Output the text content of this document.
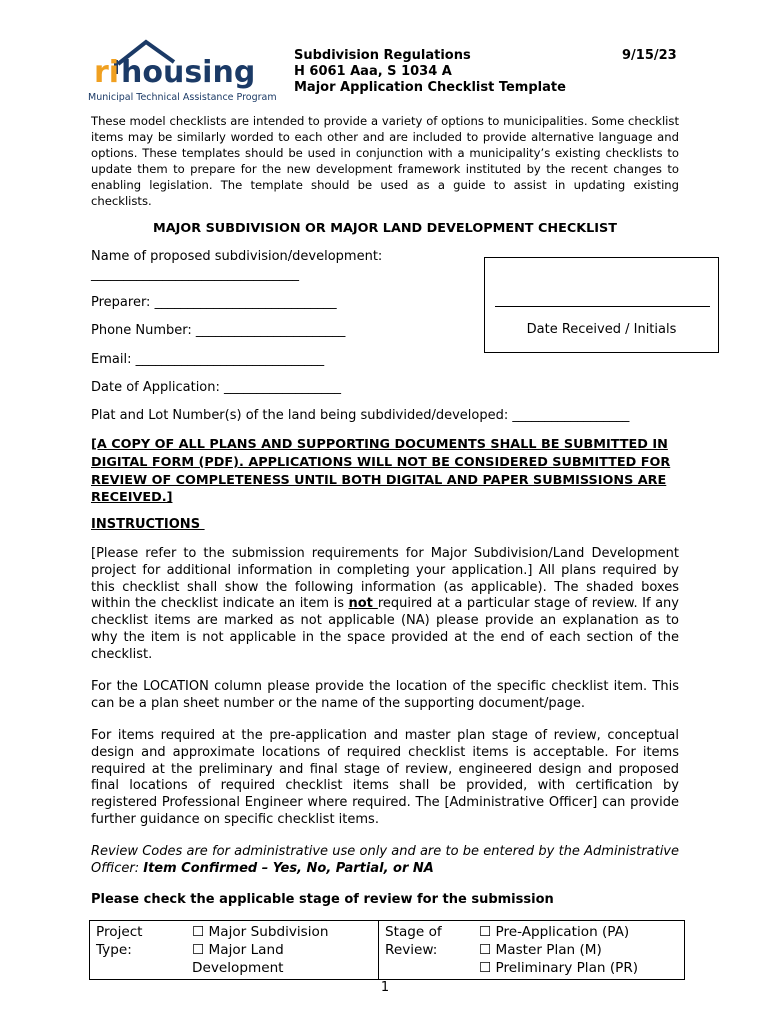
ri housing
Municipal Technical Assistance Program
Subdivision Regulations
H 6061 Aaa, S 1034 A
Major Application Checklist Template
9/15/23
These model checklists are intended to provide a variety of options to municipalities. Some checklist items may be similarly worded to each other and are included to provide alternative language and options. These templates should be used in conjunction with a municipality’s existing checklists to update them to prepare for the new development framework instituted by the recent changes to enabling legislation. The template should be used as a guide to assist in updating existing checklists.
MAJOR SUBDIVISION OR MAJOR LAND DEVELOPMENT CHECKLIST
Name of proposed subdivision/development:
________________________________
Preparer: ____________________________
Phone Number: _______________________
Email: _____________________________
Date of Application: __________________
Plat and Lot Number(s) of the land being subdivided/developed: __________________
Date Received / Initials
[A COPY OF ALL PLANS AND SUPPORTING DOCUMENTS SHALL BE SUBMITTED IN DIGITAL FORM (PDF). APPLICATIONS WILL NOT BE CONSIDERED SUBMITTED FOR REVIEW OF COMPLETENESS UNTIL BOTH DIGITAL AND PAPER SUBMISSIONS ARE RECEIVED.]
INSTRUCTIONS
[Please refer to the submission requirements for Major Subdivision/Land Development project for additional information in completing your application.] All plans required by this checklist shall show the following information (as applicable). The shaded boxes within the checklist indicate an item is not required at a particular stage of review. If any checklist items are marked as not applicable (NA) please provide an explanation as to why the item is not applicable in the space provided at the end of each section of the checklist.
For the LOCATION column please provide the location of the specific checklist item. This can be a plan sheet number or the name of the supporting document/page.
For items required at the pre-application and master plan stage of review, conceptual design and approximate locations of required checklist items is acceptable. For items required at the preliminary and final stage of review, engineered design and proposed final locations of required checklist items shall be provided, with certification by registered Professional Engineer where required. The [Administrative Officer] can provide further guidance on specific checklist items.
Review Codes are for administrative use only and are to be entered by the Administrative Officer: Item Confirmed – Yes, No, Partial, or NA
Please check the applicable stage of review for the submission
Project Type:	
☐ Major Subdivision
☐ Major Land Development

Stage of Review:

☐ Pre-Application (PA)
☐ Master Plan (M)
☐ Preliminary Plan (PR)
1
